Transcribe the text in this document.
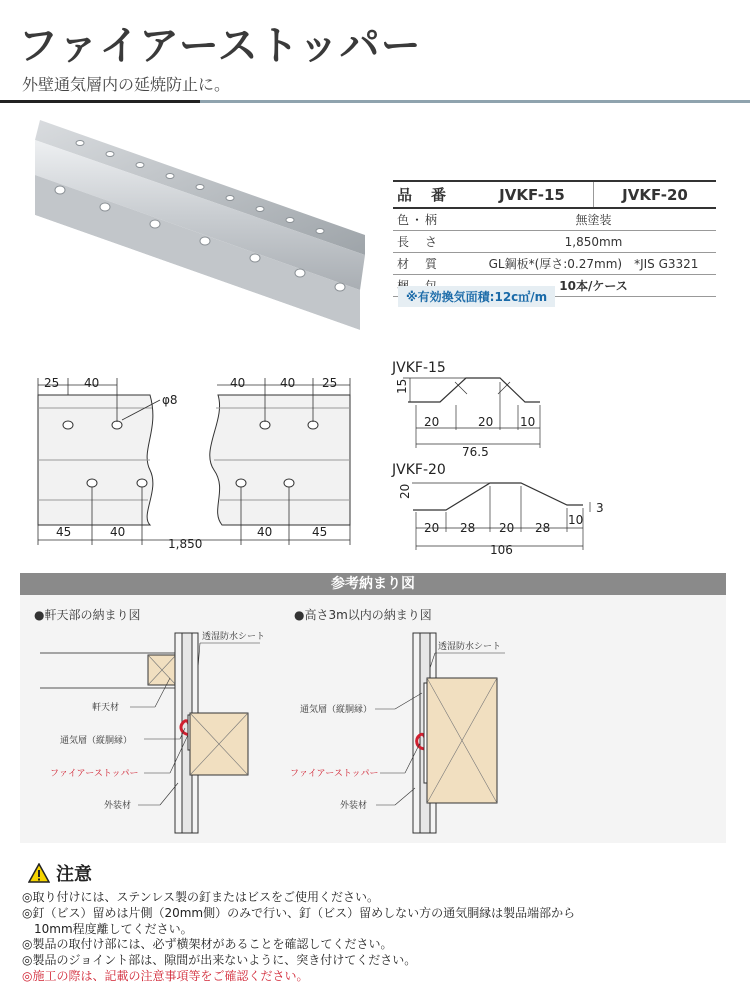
ファイアーストッパー
外壁通気層内の延焼防止に。
品　番	JVKF-15	JVKF-20
色・柄	無塗装	
長　さ	1,850mm	
材　質	GL鋼板*(厚さ:0.27mm)　*JIS G3321	
	10本/ケース	
※有効換気面積:12c㎡/m
25 40	40	40 25
φ8
45	40	40	45
1,850
JVKF-15
15
20	20 10
76.5
JVKF-20
20
3
20 28 20 28
10
106
参考納まり図
●軒天部の納まり図	●高さ3m以内の納まり図
透湿防水シート
軒天材
通気層（縦胴縁）
ファイアーストッパー
外装材
透湿防水シート
通気層（縦胴縁）
ファイアーストッパー
外装材
注意
◎取り付けには、ステンレス製の釘またはビスをご使用ください。
◎釘（ビス）留めは片側（20mm側）のみで行い、釘（ビス）留めしない方の通気胴縁は製品端部から
　10mm程度離してください。
◎製品の取付け部には、必ず横架材があることを確認してください。
◎製品のジョイント部は、隙間が出来ないように、突き付けてください。
◎施工の際は、記載の注意事項等をご確認ください。
